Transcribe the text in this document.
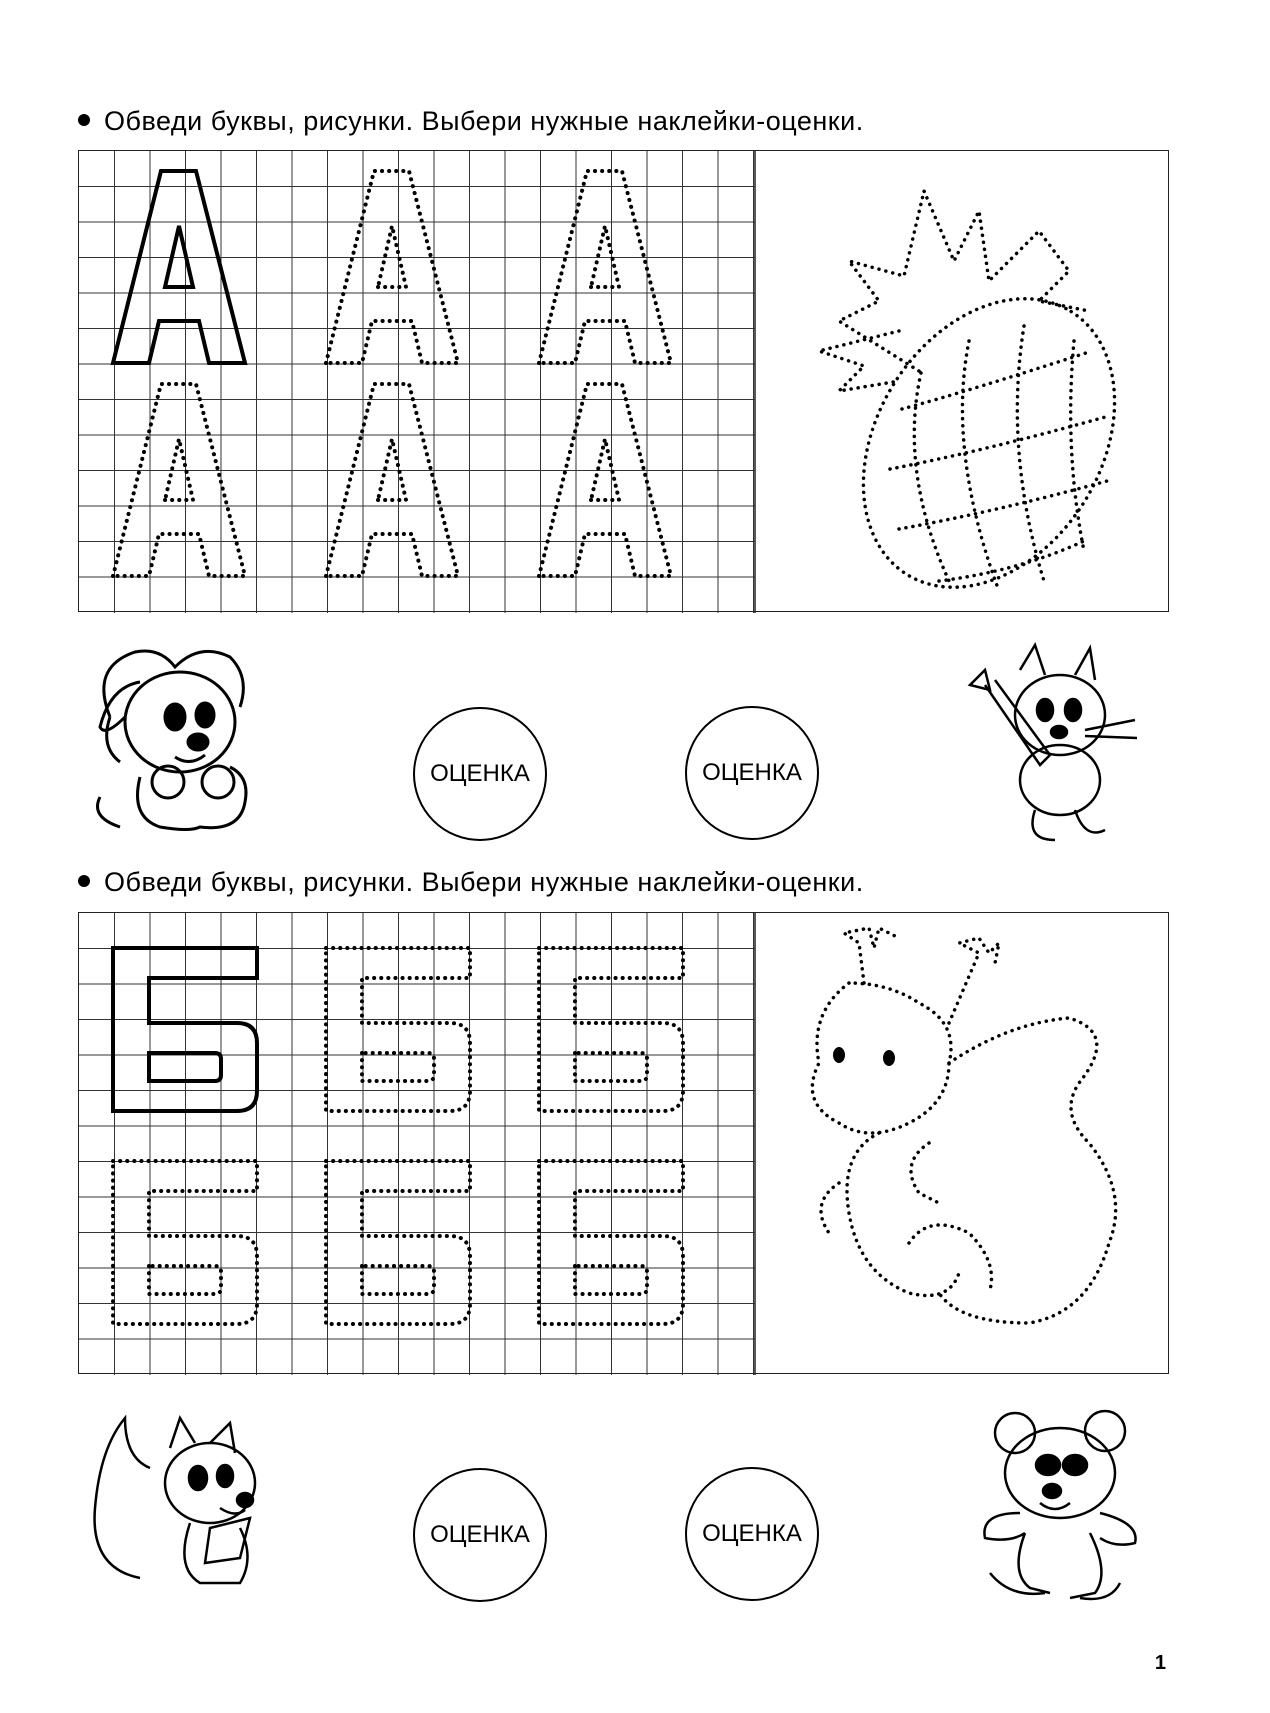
Обведи буквы, рисунки. Выбери нужные наклейки-оценки.
ОЦЕНКА	ОЦЕНКА
Обведи буквы, рисунки. Выбери нужные наклейки-оценки.
ОЦЕНКА	ОЦЕНКА
1
